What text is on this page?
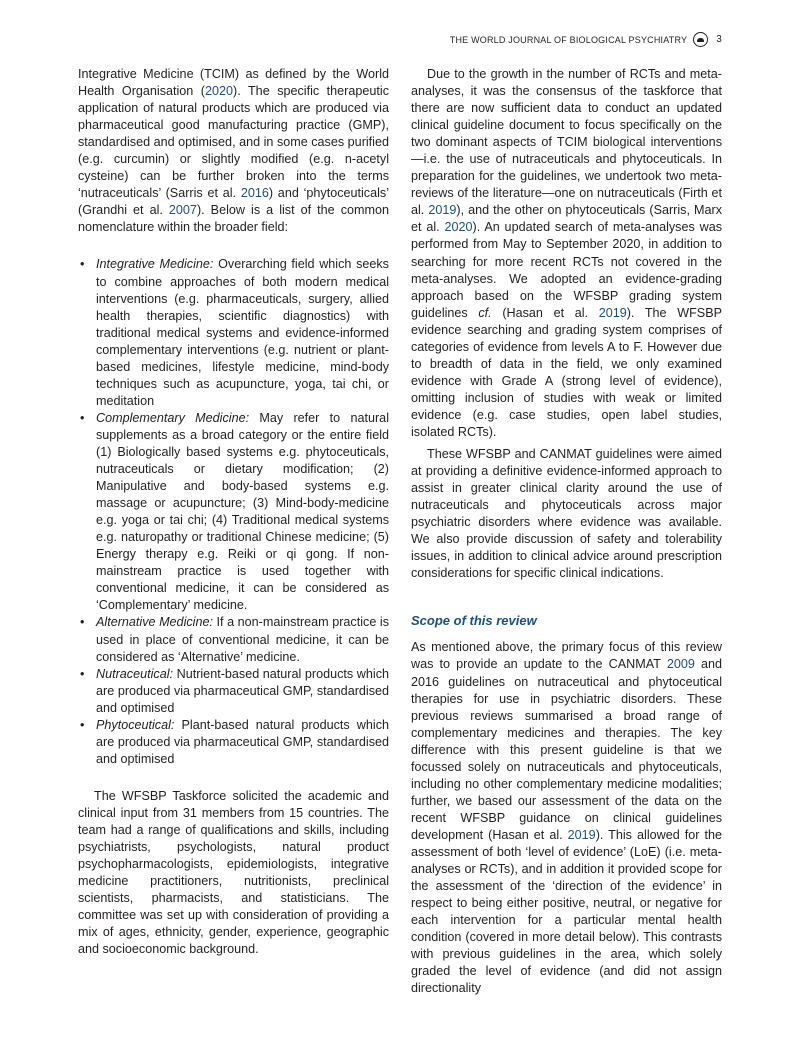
THE WORLD JOURNAL OF BIOLOGICAL PSYCHIATRY	3

Integrative Medicine (TCIM) as defined by the World Health Organisation (2020). The specific therapeutic application of natural products which are produced via pharmaceutical good manufacturing practice (GMP), standardised and optimised, and in some cases purified (e.g. curcumin) or slightly modified (e.g. n-acetyl cysteine) can be further broken into the terms ‘nutraceuticals’ (Sarris et al. 2016) and ‘phytoceuticals’ (Grandhi et al. 2007). Below is a list of the common nomenclature within the broader field:

• Integrative Medicine: Overarching field which seeks to combine approaches of both modern medical interventions (e.g. pharmaceuticals, surgery, allied health therapies, scientific diagnostics) with traditional medical systems and evidence-informed complementary interventions (e.g. nutrient or plant-based medicines, lifestyle medicine, mind-body techniques such as acupuncture, yoga, tai chi, or meditation
• Complementary Medicine: May refer to natural supplements as a broad category or the entire field (1) Biologically based systems e.g. phytoceuticals, nutraceuticals or dietary modification; (2) Manipulative and body-based systems e.g. massage or acupuncture; (3) Mind-body-medicine e.g. yoga or tai chi; (4) Traditional medical systems e.g. naturopathy or traditional Chinese medicine; (5) Energy therapy e.g. Reiki or qi gong. If non-mainstream practice is used together with conventional medicine, it can be considered as ‘Complementary’ medicine.
• Alternative Medicine: If a non-mainstream practice is used in place of conventional medicine, it can be considered as ‘Alternative’ medicine.
• Nutraceutical: Nutrient-based natural products which are produced via pharmaceutical GMP, standardised and optimised
• Phytoceutical: Plant-based natural products which are produced via pharmaceutical GMP, standardised and optimised

The WFSBP Taskforce solicited the academic and clinical input from 31 members from 15 countries. The team had a range of qualifications and skills, including psychiatrists, psychologists, natural product psychopharmacologists, epidemiologists, integrative medicine practitioners, nutritionists, preclinical scientists, pharmacists, and statisticians. The committee was set up with consideration of providing a mix of ages, ethnicity, gender, experience, geographic and socioeconomic background.

Due to the growth in the number of RCTs and meta-analyses, it was the consensus of the taskforce that there are now sufficient data to conduct an updated clinical guideline document to focus specifically on the two dominant aspects of TCIM biological interventions—i.e. the use of nutraceuticals and phytoceuticals. In preparation for the guidelines, we undertook two meta-reviews of the literature—one on nutraceuticals (Firth et al. 2019), and the other on phytoceuticals (Sarris, Marx et al. 2020). An updated search of meta-analyses was performed from May to September 2020, in addition to searching for more recent RCTs not covered in the meta-analyses. We adopted an evidence-grading approach based on the WFSBP grading system guidelines cf. (Hasan et al. 2019). The WFSBP evidence searching and grading system comprises of categories of evidence from levels A to F. However due to breadth of data in the field, we only examined evidence with Grade A (strong level of evidence), omitting inclusion of studies with weak or limited evidence (e.g. case studies, open label studies, isolated RCTs).

These WFSBP and CANMAT guidelines were aimed at providing a definitive evidence-informed approach to assist in greater clinical clarity around the use of nutraceuticals and phytoceuticals across major psychiatric disorders where evidence was available. We also provide discussion of safety and tolerability issues, in addition to clinical advice around prescription considerations for specific clinical indications.

Scope of this review

As mentioned above, the primary focus of this review was to provide an update to the CANMAT 2009 and 2016 guidelines on nutraceutical and phytoceutical therapies for use in psychiatric disorders. These previous reviews summarised a broad range of complementary medicines and therapies. The key difference with this present guideline is that we focussed solely on nutraceuticals and phytoceuticals, including no other complementary medicine modalities; further, we based our assessment of the data on the recent WFSBP guidance on clinical guidelines development (Hasan et al. 2019). This allowed for the assessment of both ‘level of evidence’ (LoE) (i.e. meta-analyses or RCTs), and in addition it provided scope for the assessment of the ‘direction of the evidence’ in respect to being either positive, neutral, or negative for each intervention for a particular mental health condition (covered in more detail below). This contrasts with previous guidelines in the area, which solely graded the level of evidence (and did not assign directionality
